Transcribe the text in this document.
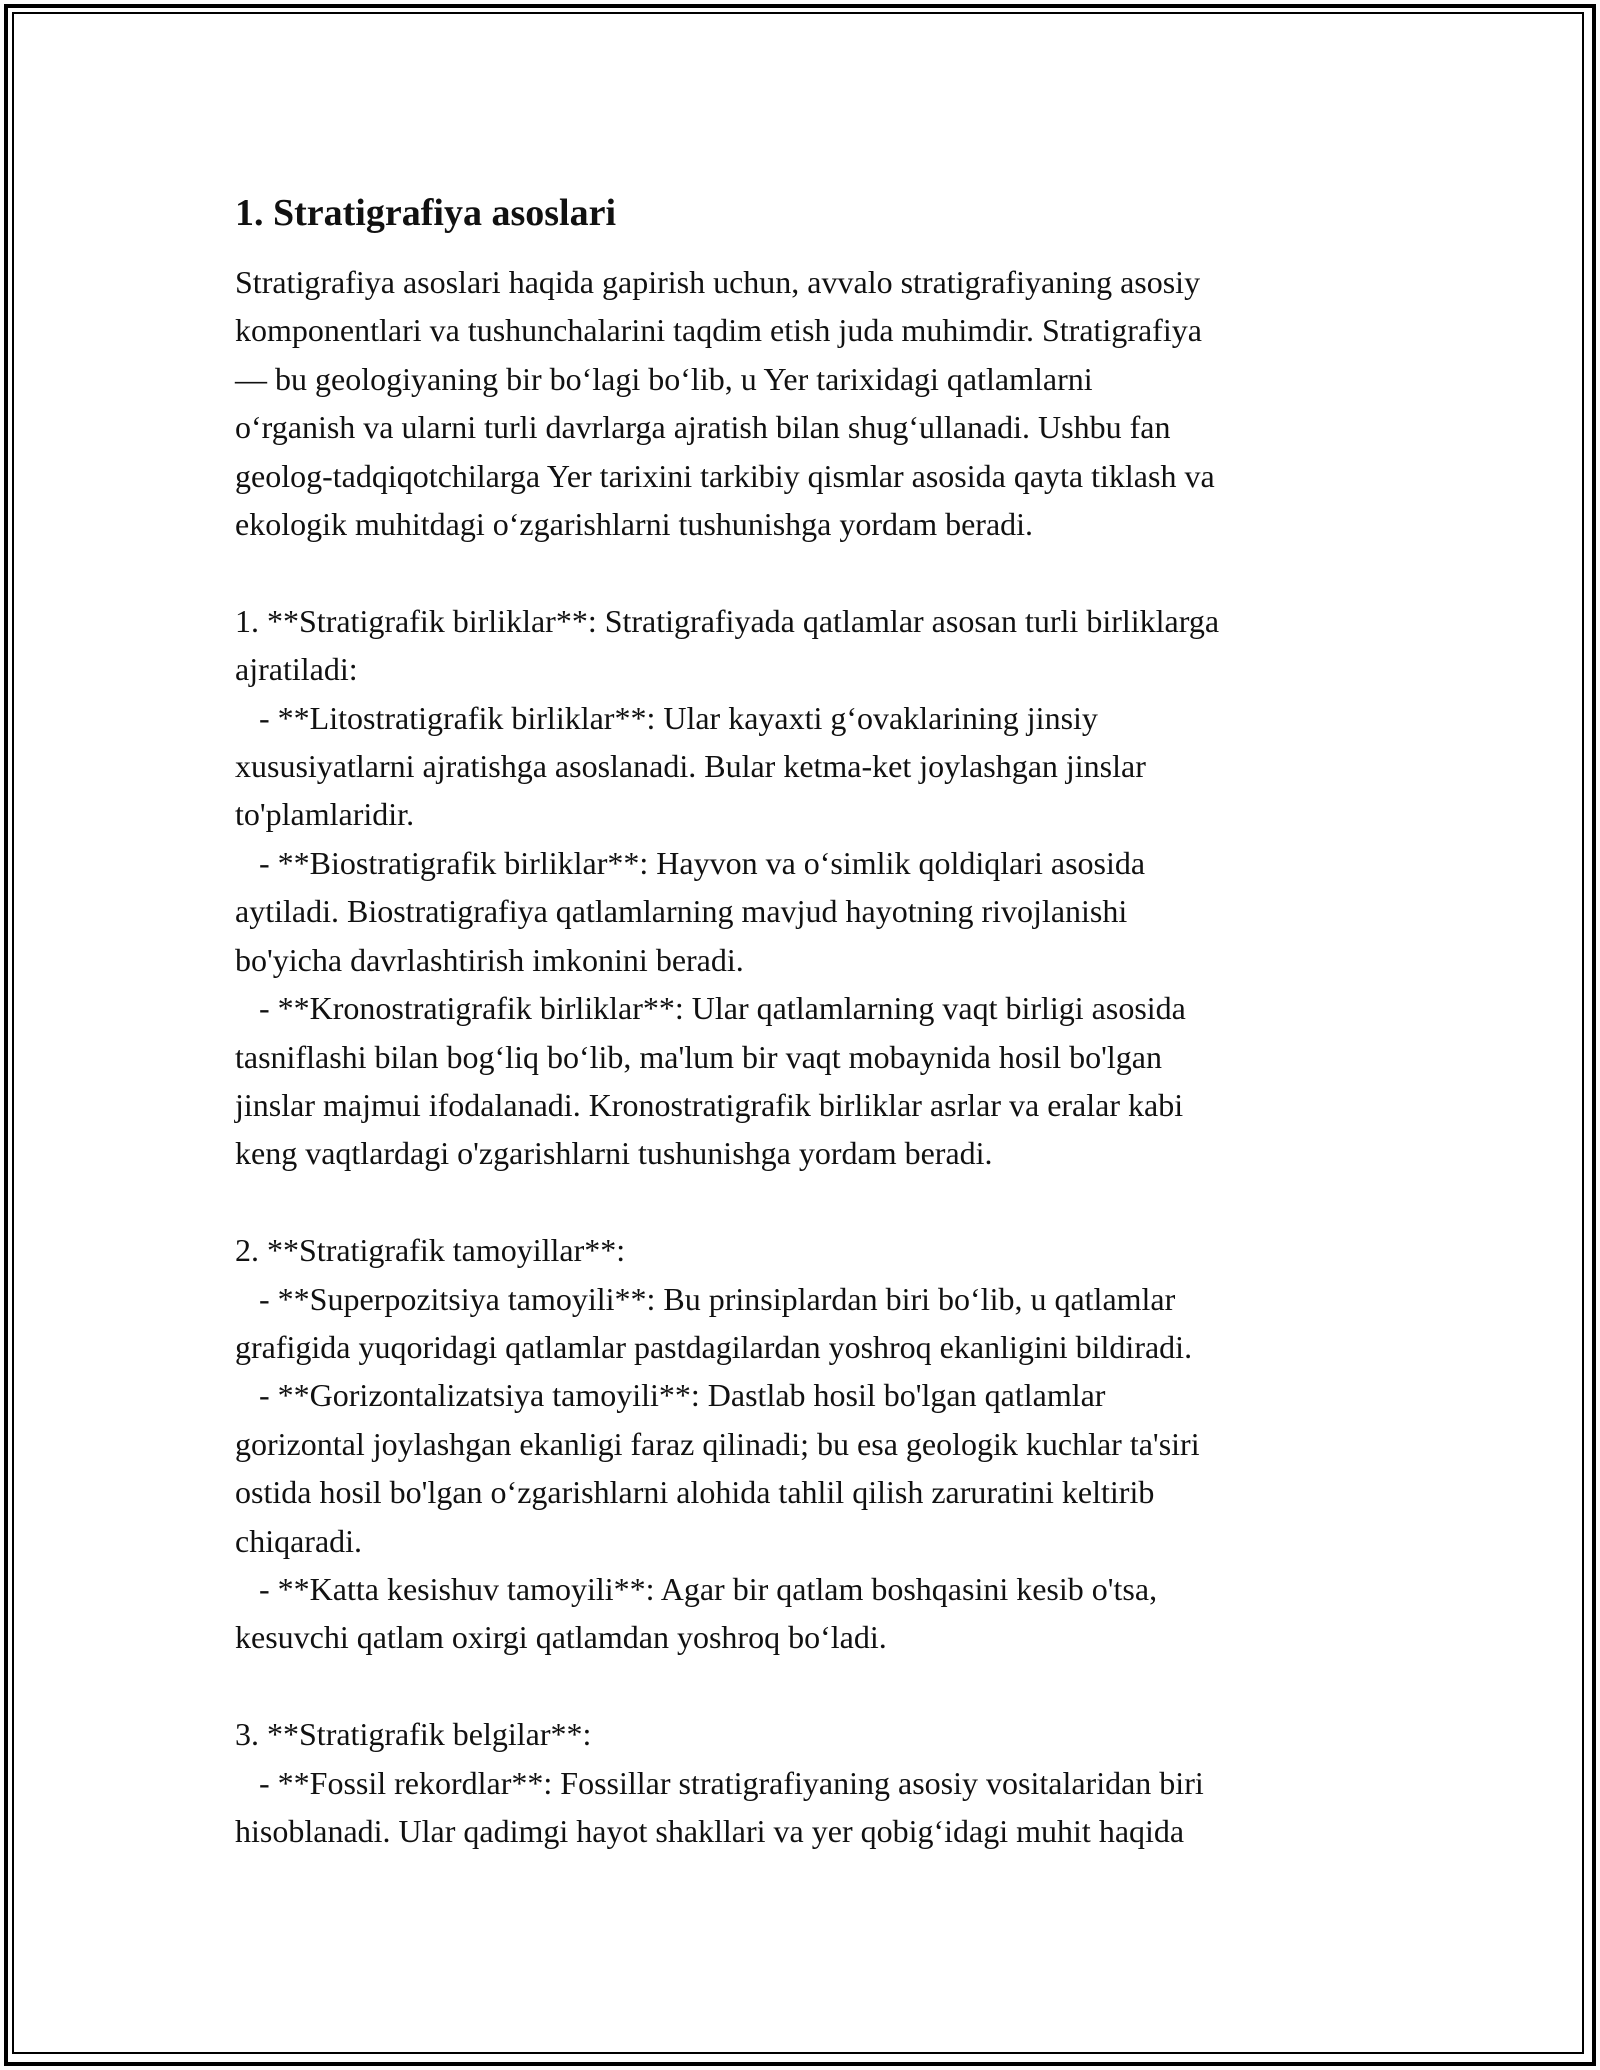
1. Stratigrafiya asoslari
Stratigrafiya asoslari haqida gapirish uchun, avvalo stratigrafiyaning asosiy
komponentlari va tushunchalarini taqdim etish juda muhimdir. Stratigrafiya
— bu geologiyaning bir bo‘lagi bo‘lib, u Yer tarixidagi qatlamlarni
o‘rganish va ularni turli davrlarga ajratish bilan shug‘ullanadi. Ushbu fan
geolog-tadqiqotchilarga Yer tarixini tarkibiy qismlar asosida qayta tiklash va
ekologik muhitdagi o‘zgarishlarni tushunishga yordam beradi.

1. **Stratigrafik birliklar**: Stratigrafiyada qatlamlar asosan turli birliklarga
ajratiladi:
- **Litostratigrafik birliklar**: Ular kayaxti g‘ovaklarining jinsiy
xususiyatlarni ajratishga asoslanadi. Bular ketma-ket joylashgan jinslar
to'plamlaridir.
- **Biostratigrafik birliklar**: Hayvon va o‘simlik qoldiqlari asosida
aytiladi. Biostratigrafiya qatlamlarning mavjud hayotning rivojlanishi
bo'yicha davrlashtirish imkonini beradi.
- **Kronostratigrafik birliklar**: Ular qatlamlarning vaqt birligi asosida
tasniflashi bilan bog‘liq bo‘lib, ma'lum bir vaqt mobaynida hosil bo'lgan
jinslar majmui ifodalanadi. Kronostratigrafik birliklar asrlar va eralar kabi
keng vaqtlardagi o'zgarishlarni tushunishga yordam beradi.

2. **Stratigrafik tamoyillar**:
- **Superpozitsiya tamoyili**: Bu prinsiplardan biri bo‘lib, u qatlamlar
grafigida yuqoridagi qatlamlar pastdagilardan yoshroq ekanligini bildiradi.
- **Gorizontalizatsiya tamoyili**: Dastlab hosil bo'lgan qatlamlar
gorizontal joylashgan ekanligi faraz qilinadi; bu esa geologik kuchlar ta'siri
ostida hosil bo'lgan o‘zgarishlarni alohida tahlil qilish zaruratini keltirib
chiqaradi.
- **Katta kesishuv tamoyili**: Agar bir qatlam boshqasini kesib o'tsa,
kesuvchi qatlam oxirgi qatlamdan yoshroq bo‘ladi.

3. **Stratigrafik belgilar**:
- **Fossil rekordlar**: Fossillar stratigrafiyaning asosiy vositalaridan biri
hisoblanadi. Ular qadimgi hayot shakllari va yer qobig‘idagi muhit haqida
